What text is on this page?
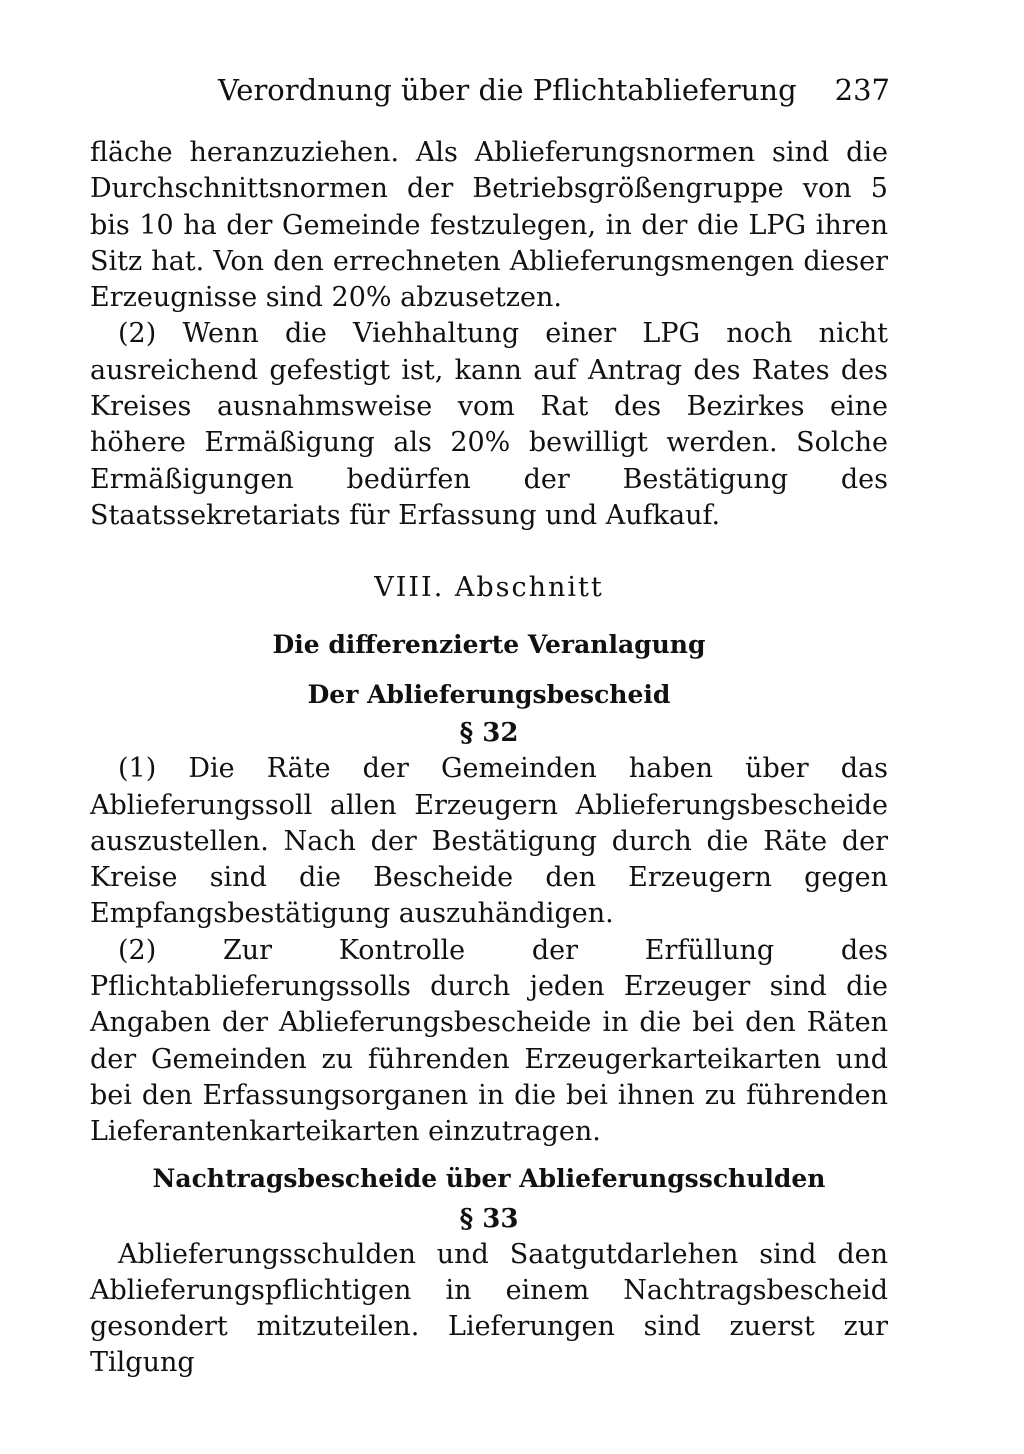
Verordnung über die Pflichtablieferung 237

fläche heranzuziehen. Als Ablieferungsnormen sind die Durchschnittsnormen der Betriebsgrößengruppe von 5 bis 10 ha der Gemeinde festzulegen, in der die LPG ihren Sitz hat. Von den errechneten Ablieferungsmengen dieser Erzeugnisse sind 20% abzusetzen.

(2) Wenn die Viehhaltung einer LPG noch nicht ausreichend gefestigt ist, kann auf Antrag des Rates des Kreises ausnahmsweise vom Rat des Bezirkes eine höhere Ermäßigung als 20% bewilligt werden. Solche Ermäßigungen bedürfen der Bestätigung des Staatssekretariats für Erfassung und Aufkauf.

VIII. Abschnitt
Die differenzierte Veranlagung
Der Ablieferungsbescheid
§ 32

(1) Die Räte der Gemeinden haben über das Ablieferungssoll allen Erzeugern Ablieferungsbescheide auszustellen. Nach der Bestätigung durch die Räte der Kreise sind die Bescheide den Erzeugern gegen Empfangsbestätigung auszuhändigen.

(2) Zur Kontrolle der Erfüllung des Pflichtablieferungssolls durch jeden Erzeuger sind die Angaben der Ablieferungsbescheide in die bei den Räten der Gemeinden zu führenden Erzeugerkarteikarten und bei den Erfassungsorganen in die bei ihnen zu führenden Lieferantenkarteikarten einzutragen.

Nachtragsbescheide über Ablieferungsschulden
§ 33

Ablieferungsschulden und Saatgutdarlehen sind den Ablieferungspflichtigen in einem Nachtragsbescheid gesondert mitzuteilen. Lieferungen sind zuerst zur Tilgung
